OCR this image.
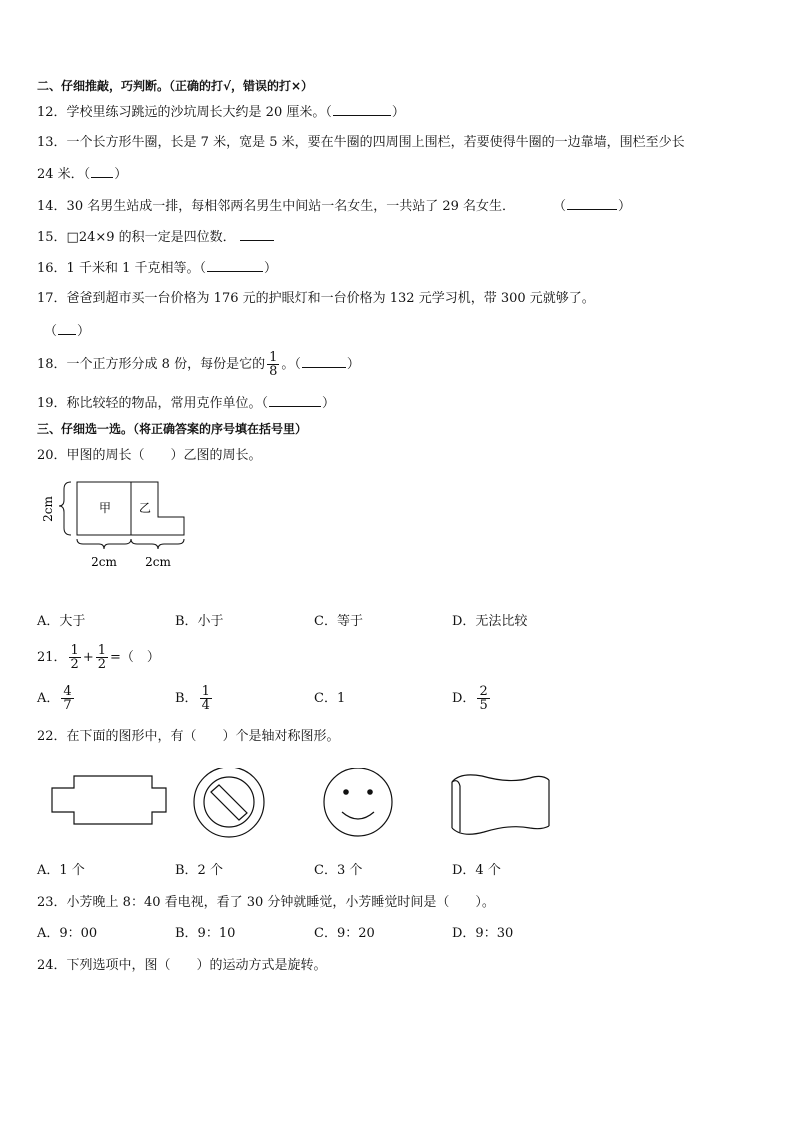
二、仔细推敲，巧判断。（正确的打√，错误的打×）
12．学校里练习跳远的沙坑周长大约是 20 厘米。（	）
13．一个长方形牛圈，长是 7 米，宽是 5 米，要在牛圈的四周围上围栏，若要使得牛圈的一边靠墙，围栏至少长
24 米．（ ）
14．30 名男生站成一排，每相邻两名男生中间站一名女生，一共站了 29 名女生．	（	）
15．□24×9 的积一定是四位数．
16．1 千米和 1 千克相等。（	）
17．爸爸到超市买一台价格为 176 元的护眼灯和一台价格为 132 元学习机，带 300 元就够了。
（ ）
18．一个正方形分成 8 份，每份是它的 $\frac{1}{8}$ 。（	）
19．称比较轻的物品，常用克作单位。（	）
三、仔细选一选。（将正确答案的序号填在括号里）
20．甲图的周长（　　）乙图的周长。
2cm	甲 乙
2cm 2cm
A．大于	B．小于	C．等于	D．无法比较
21． $\frac{1}{2} + \frac{1}{2}$ =（　）
A． $\frac{4}{7}$	B． $\frac{1}{4}$	C．1	D． $\frac{2}{5}$
22．在下面的图形中，有（　　）个是轴对称图形。
A．1 个	B．2 个	C．3 个	D．4 个
23．小芳晚上 8：40 看电视，看了 30 分钟就睡觉，小芳睡觉时间是（　　）。
A．9：00	B．9：10	C．9：20	D．9：30
24．下列选项中，图（　　）的运动方式是旋转。
